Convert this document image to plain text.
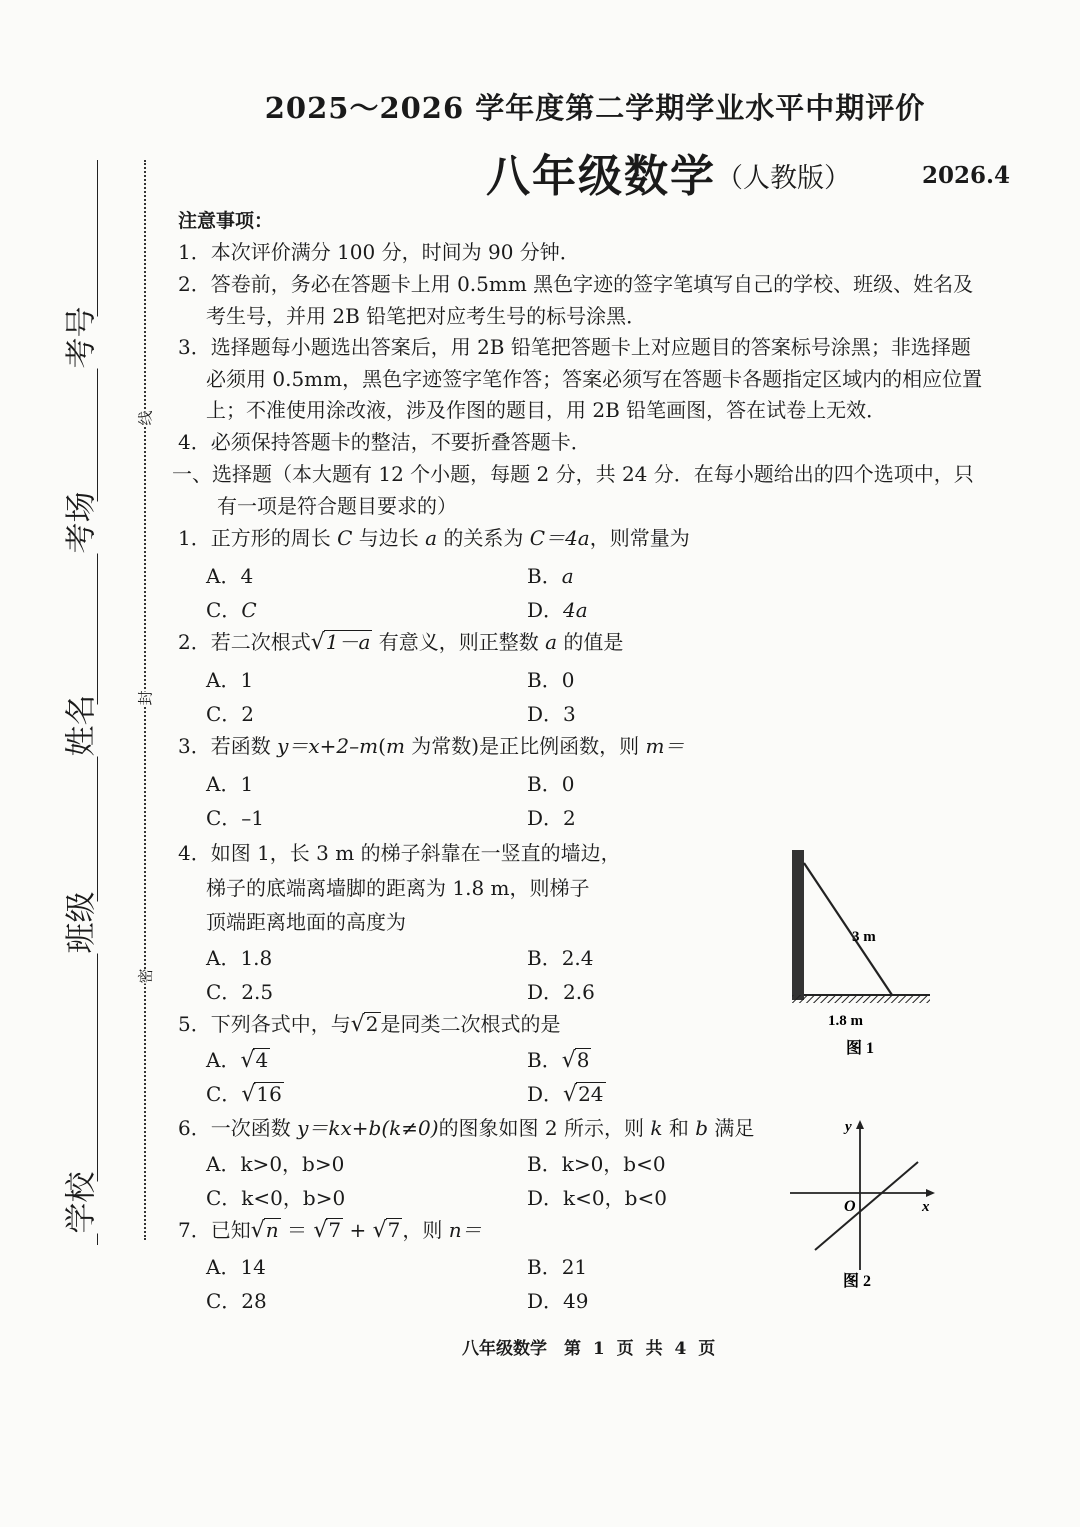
2025～2026 学年度第二学期学业水平中期评价
八年级数学 （人教版）	2026.4
考号
考场
姓名
班级
学校
线
封
密
注意事项：
1．本次评价满分 100 分，时间为 90 分钟．
2．答卷前，务必在答题卡上用 0.5mm 黑色字迹的签字笔填写自己的学校、班级、姓名及
考生号，并用 2B 铅笔把对应考生号的标号涂黑．
3．选择题每小题选出答案后，用 2B 铅笔把答题卡上对应题目的答案标号涂黑；非选择题
必须用 0.5mm，黑色字迹签字笔作答；答案必须写在答题卡各题指定区域内的相应位置
上；不准使用涂改液，涉及作图的题目，用 2B 铅笔画图，答在试卷上无效．
4．必须保持答题卡的整洁，不要折叠答题卡．
一、选择题（本大题有 12 个小题，每题 2 分，共 24 分．在每小题给出的四个选项中，只
有一项是符合题目要求的）
1．正方形的周长 C 与边长 a 的关系为 C＝4a，则常量为
A．4	B．a
C．C	D．4a
2．若二次根式√1－a 有意义，则正整数 a 的值是
A．1	B．0
C．2	D．3
3．若函数 y＝x+2–m(m 为常数)是正比例函数，则 m＝
A．1	B．0
C．–1	D．2
4．如图 1，长 3 m 的梯子斜靠在一竖直的墙边，
梯子的底端离墙脚的距离为 1.8 m，则梯子
顶端距离地面的高度为
A．1.8	B．2.4
C．2.5	D．2.6
5．下列各式中，与√2 是同类二次根式的是
A．√4	B．√8
C．√16	D．√24
6．一次函数 y＝kx+b(k≠0)的图象如图 2 所示，则 k 和 b 满足
A．k>0，b>0	B．k>0，b<0
C．k<0，b>0	D．k<0，b<0
7．已知√n ＝ √7 + √7 ，则 n＝
A．14	B．21
C．28	D．49
3 m
1.8 m
图 1
y
x
O
图 2
八年级数学　第 1 页 共 4 页
